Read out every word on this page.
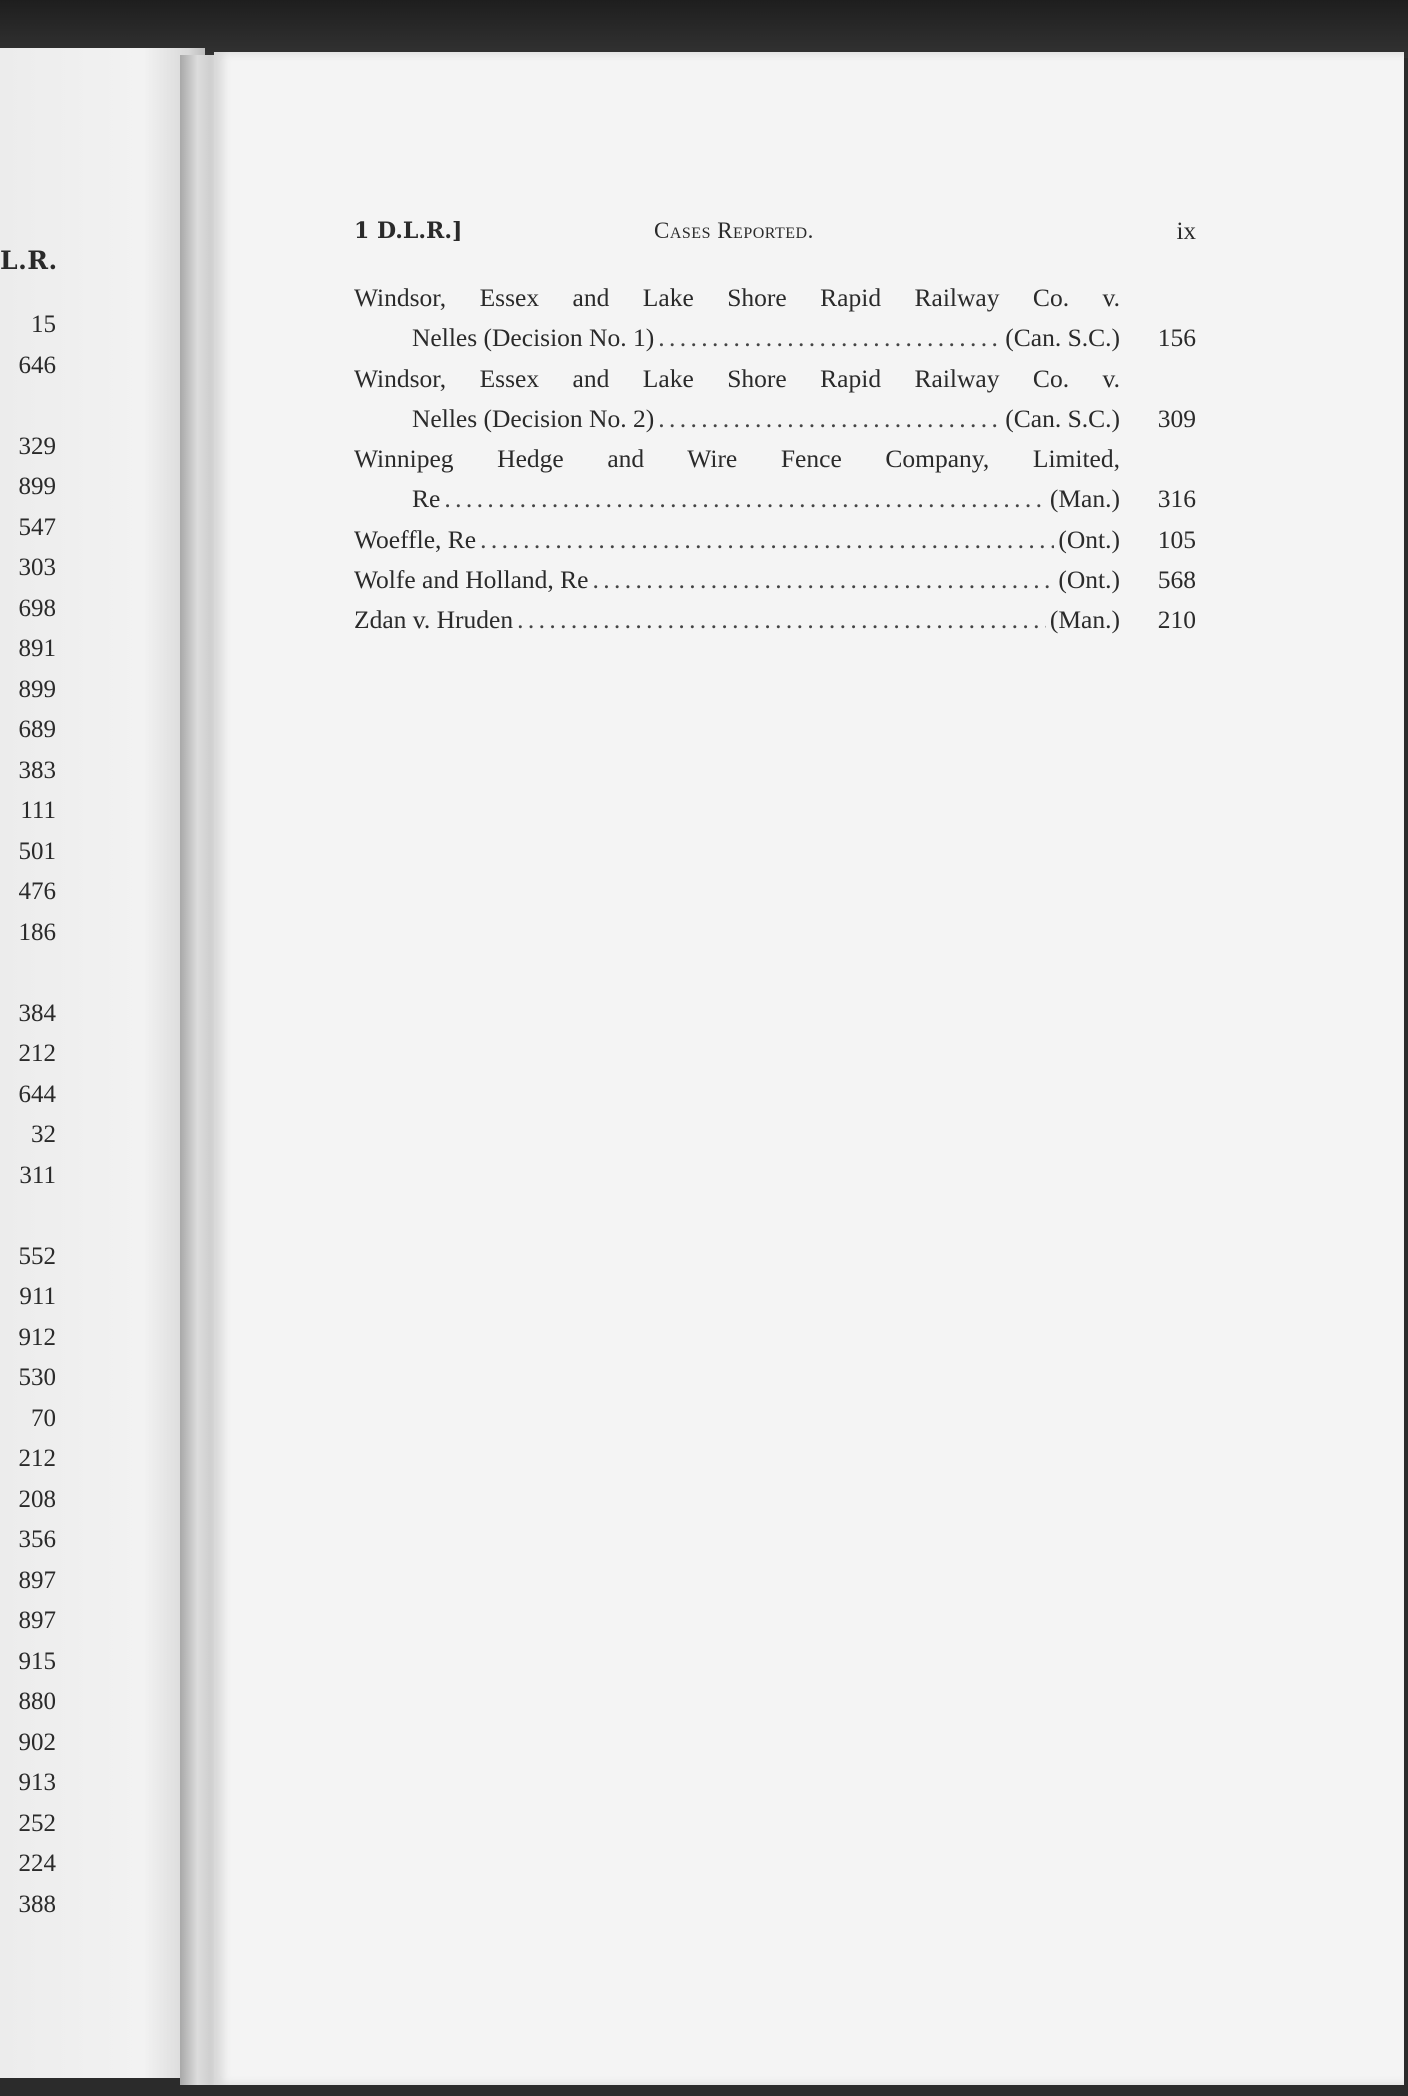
L.R.
15
646
329
899
547
303
698
891
899
689
383
111
501
476
186
384
212
644
32
311
552
911
912
530
70
212
208
356
897
897
915
880
902
913
252
224
388
1 D.L.R.]	Cases Reported.	ix
Windsor, Essex and Lake Shore Rapid Railway Co. v.
Nelles (Decision No. 1) . . .	(Can. S.C.)	156
Windsor, Essex and Lake Shore Rapid Railway Co. v.
Nelles (Decision No. 2) . . .	(Can. S.C.)	309
Winnipeg Hedge and Wire Fence Company, Limited,
Re . . .	(Man.)	316
Woeffle, Re . . .	(Ont.)	105
Wolfe and Holland, Re . . .	(Ont.)	568
Zdan v. Hruden . . .	(Man.)	210
